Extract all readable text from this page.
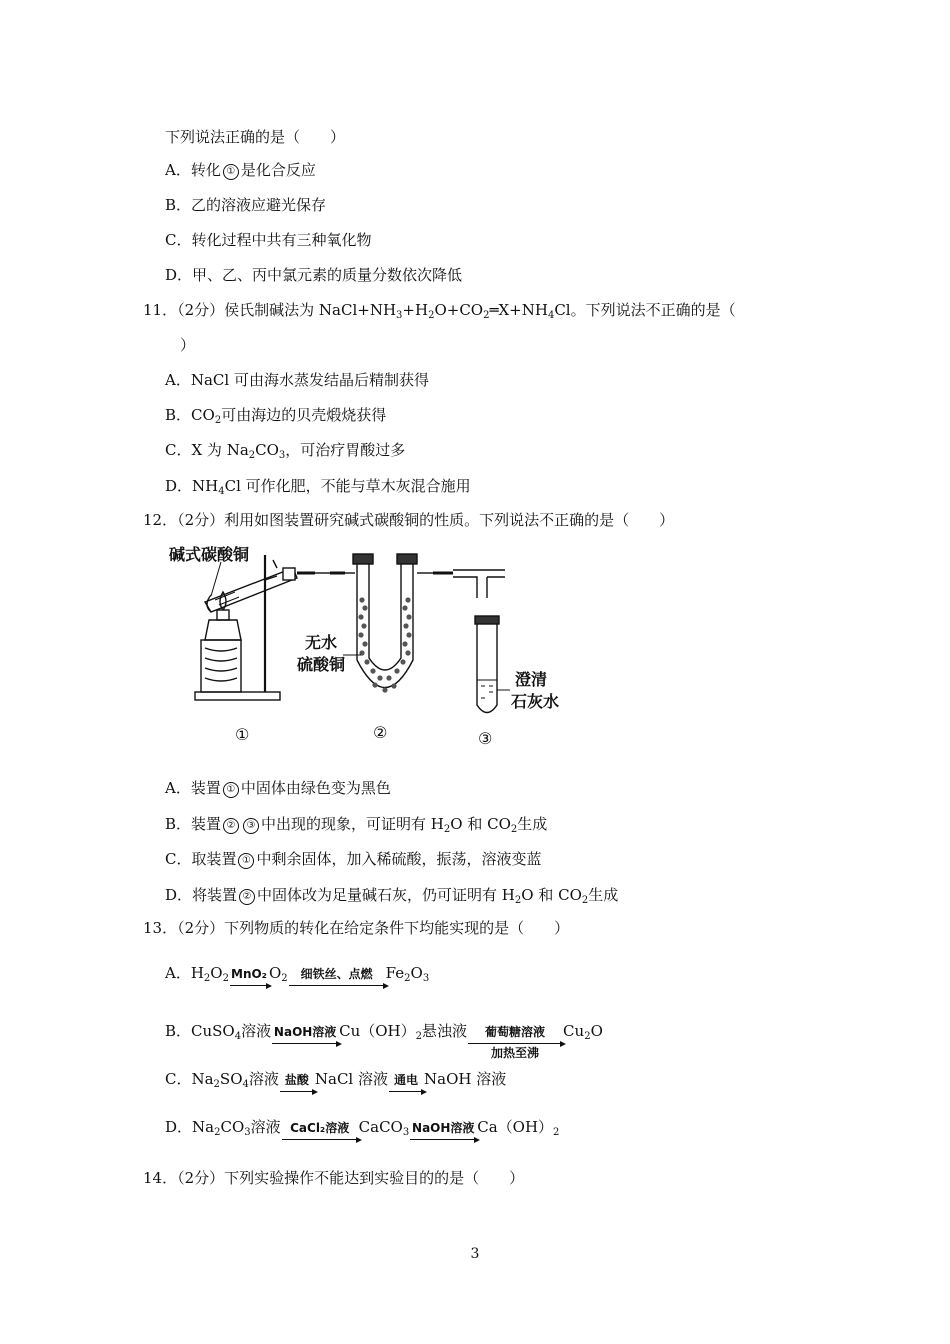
下列说法正确的是（　　）
A．转化 ① 是化合反应
B．乙的溶液应避光保存
C．转化过程中共有三种氧化物
D．甲、乙、丙中氯元素的质量分数依次降低
11．（2分）侯氏制碱法为 $NaCl+NH_3+H_2O+CO_2═X+NH_4Cl$。下列说法不正确的是（
）
A．NaCl 可由海水蒸发结晶后精制获得
B．$CO_2$可由海边的贝壳煅烧获得
C．X 为 $Na_2CO_3$，可治疗胃酸过多
D．$NH_4Cl$ 可作化肥，不能与草木灰混合施用
12．（2分）利用如图装置研究碱式碳酸铜的性质。下列说法不正确的是（　　）
碱式碳酸铜
无水
硫酸铜
澄清
石灰水
①	②	③
A．装置 ① 中固体由绿色变为黑色
B．装置 ② ③ 中出现的现象，可证明有 $H_2O$ 和 $CO_2$生成
C．取装置 ① 中剩余固体，加入稀硫酸，振荡，溶液变蓝
D．将装置 ② 中固体改为足量碱石灰，仍可证明有 $H_2O$ 和 $CO_2$生成
13．（2分）下列物质的转化在给定条件下均能实现的是（　　）
A．$H_2O_2$ MnO₂ $O_2$	细铁丝、点燃 $Fe_2O_3$
B．CuSO$_4$溶液 NaOH溶液 $Cu(OH)_2$悬浊液	葡萄糖溶液
加热至沸
$Cu_2O$
C．$Na_2SO_4$溶液 盐酸 NaCl 溶液 通电 NaOH 溶液
D．$Na_2CO_3$溶液 CaCl₂溶液 CaCO$_3$ NaOH溶液 $Ca(OH)_2$
14．（2分）下列实验操作不能达到实验目的的是（　　）
3
